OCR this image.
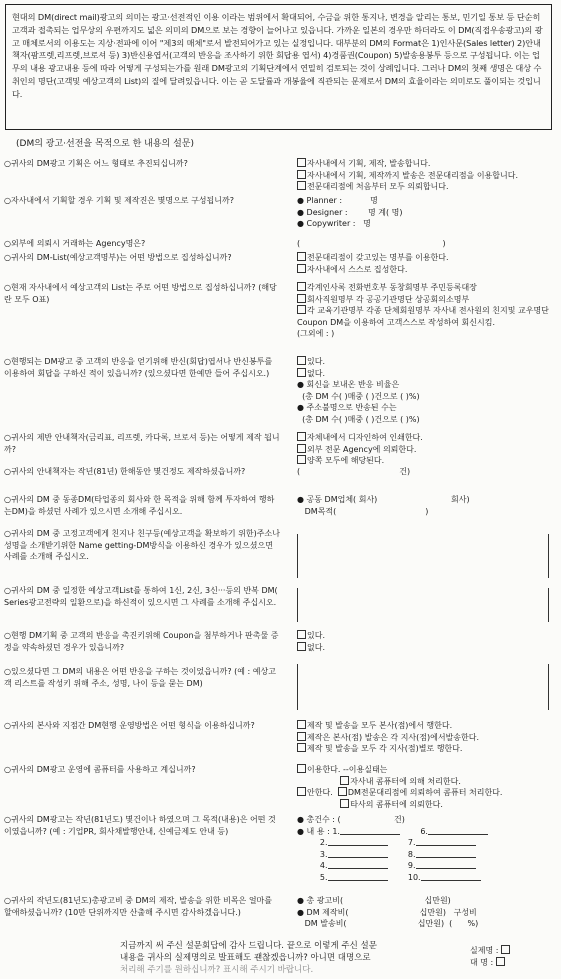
현대의 DM(direct mail)광고의 의미는 광고·선전적인 이용 이라는 범위에서 확대되어, 수금을 위한 통지나, 변경을 알리는 통보, 민기일 통보 등 단순히 고객과 접촉되는 업무상의 우편까지도 넓은 의미의 DM으로 보는 경향이 늘어나고 있읍니다. 가까운 일본의 경우만 하더라도 이 DM(직접우송광고)의 광고 매체로서의 이용도는 지상·전파에 이어 "제3의 매체"로서 발전되어가고 있는 실정입니다. 대부분의 DM의 Format은 1)인사문(Sales letter) 2)안내책자(팜프렛,리프렛,브로셔 등) 3)반신용엽서(고객의 반응을 조사하기 위한 회답용 엽서) 4)경품권(Coupon) 5)발송용봉투 등으로 구성됩니다. 이는 업무의 내용 광고내용 등에 따라 어떻게 구성되는가를 원래 DM광고의 기획단계에서 연밀히 검토되는 것이 상례입니다. 그러나 DM의 첫째 생명은 대상 수취인의 명단(고객및 예상고객의 List)의 질에 달려있읍니다. 이는 곧 도달률과 개봉율에 직관되는 문제로서 DM의 효율이라는 의미로도 풀이되는 것입니다.
(DM의 광고·선전을 목적으로 한 내용의 설문)
○귀사의 DM광고 기획은 어느 형태로 추진되십니까?	자사내에서 기획, 제작, 발송합니다.
자사내에서 기획, 제작까지 발송은 전문대리점을 이용합니다.
전문대리점에 처음부터 모두 의뢰합니다.
○자사내에서 기획할 경우 기획 및 제작진은 몇명으로 구성됩니까?	● Planner :           명
● Designer :        명 계( 명)
● Copywriter :   명
○외부에 의뢰시 거래하는 Agency명은?	(                                                        )
○귀사의 DM-List(예상고객명부)는 어떤 방법으로 집성하십니까?	전문대리점이 갖고있는 명부를 이용한다.
자사내에서 스스로 집성한다.
○현재 자사내에서 예상고객의 List는 주로 어떤 방법으로 집성하십니까? (해당란 모두 O표)
각계인사록 전화번호부 동창회명부 주민등록대장
회사직원명부 각 공공기관명단 상공회의소명부
각 교육기관명부 각종 단체회원명부 자사내 전사원의 친지및 교우명단
Coupon DM을 이용하여 고객스스로 작성하여 회신시킴.
(그외에 : )
○현행되는 DM광고 중 고객의 반응을 얻기위해 반신(회답)엽서나 반신봉투를 이용하여 회답을 구하신 적이 있읍니까? (있으셨다면 한예만 들어 주십시오.)
있다.
없다.
● 회신을 보내온 반응 비율은
(총 DM 수( )매중 ( )건으로 ( )%)
● 주소불명으로 반송된 수는
(총 DM 수( )매중 ( )건으로 ( )%)
○귀사의 제반 안내책자(금리표, 리프렛, 카다록, 브로셔 등)는 어떻게 제작 됩니까?
자체내에서 디자인하여 인쇄한다.
외부 전문 Agency에 의뢰한다.
양쪽 모두에 해당된다.
○귀사의 안내책자는 작년(81년) 한해동안 몇건정도 제작하셨읍니까?	(                                       건)
○귀사의 DM 중 동종DM(타업종의 회사와 한 목적을 위해 함께 투자하여 행하는DM)을 하셨던 사례가 있으시면 소개해 주십시오.
● 공동 DM업체( 회사)	회사)
DM목적(                                   )
○귀사의 DM 중 고정고객에게 친지나 친구등(예상고객을 확보하기 위한)주소나 성명을 소개받기위한 Name getting-DM방식을 이용하신 경우가 있으셨으면 사례를 소개해 주십시오.
○귀사의 DM 중 일정한 예상고객List를 통하여 1신, 2신, 3신···등의 반복 DM( Series광고전략의 일환으로)을 하신적이 있으시면 그 사례를 소개해 주십시오.
○현행 DM기획 중 고객의 반응을 촉진키위해 Coupon을 첨부하거나 판촉물 증정을 약속하셨던 경우가 있읍니까?
있다.
없다.
○있으셨다면 그 DM의 내용은 어떤 반응을 구하는 것이었읍니까? (예 : 예상고객 리스트를 작성키 위해 주소, 성명, 나이 등을 묻는 DM)
○귀사의 본사와 지점간 DM현행 운영방법은 어떤 형식을 이용하십니까?	제작 및 발송을 모두 본사(점)에서 행한다.
제작은 본사(점) 발송은 각 지사(점)에서발송한다.
제작 및 발송을 모두 각 지사(점)별로 행한다.
○귀사의 DM광고 운영에 콤퓨터를 사용하고 계십니까?	이용한다. --이용실태는
자사내 콤퓨터에 의해 처리한다.
안한다. DM전문대리점에 의뢰하여 콤퓨터 처리한다.
타사의 콤퓨터에 의뢰한다.
○귀사의 DM광고는 작년(81년도) 몇건이나 하였으며 그 목적(내용)은 어떤 것이였읍니까? (예 : 기업PR, 회사채발행안내, 신예금제도 안내 등)
● 총건수 : (                     건)
● 내 용 : 1.	6.
2.	7.
3.	8.
4.	9.
5.	10.
○귀사의 작년도(81년도)총광고비 중 DM의 제작, 발송을 위한 비목은 얼마를 할애하셨읍니까? (10만 단위까지만 산출해 주시면 감사하겠읍니다.)
● 총 광고비(	십만원)
● DM 제작비(	십만원)   구성비
DM 발송비(	십만원)  (      %)
지금까지 써 주신 설문회답에 감사 드립니다. 끝으로 이렇게 주신 설문
내용을 귀사의 실제명의로 발표해도 괜찮겠읍니까? 아니면 대명으로
처리해 주기를 원하십니까? 표시해 주시기 바랍니다.
실제명 :
대 명 :
